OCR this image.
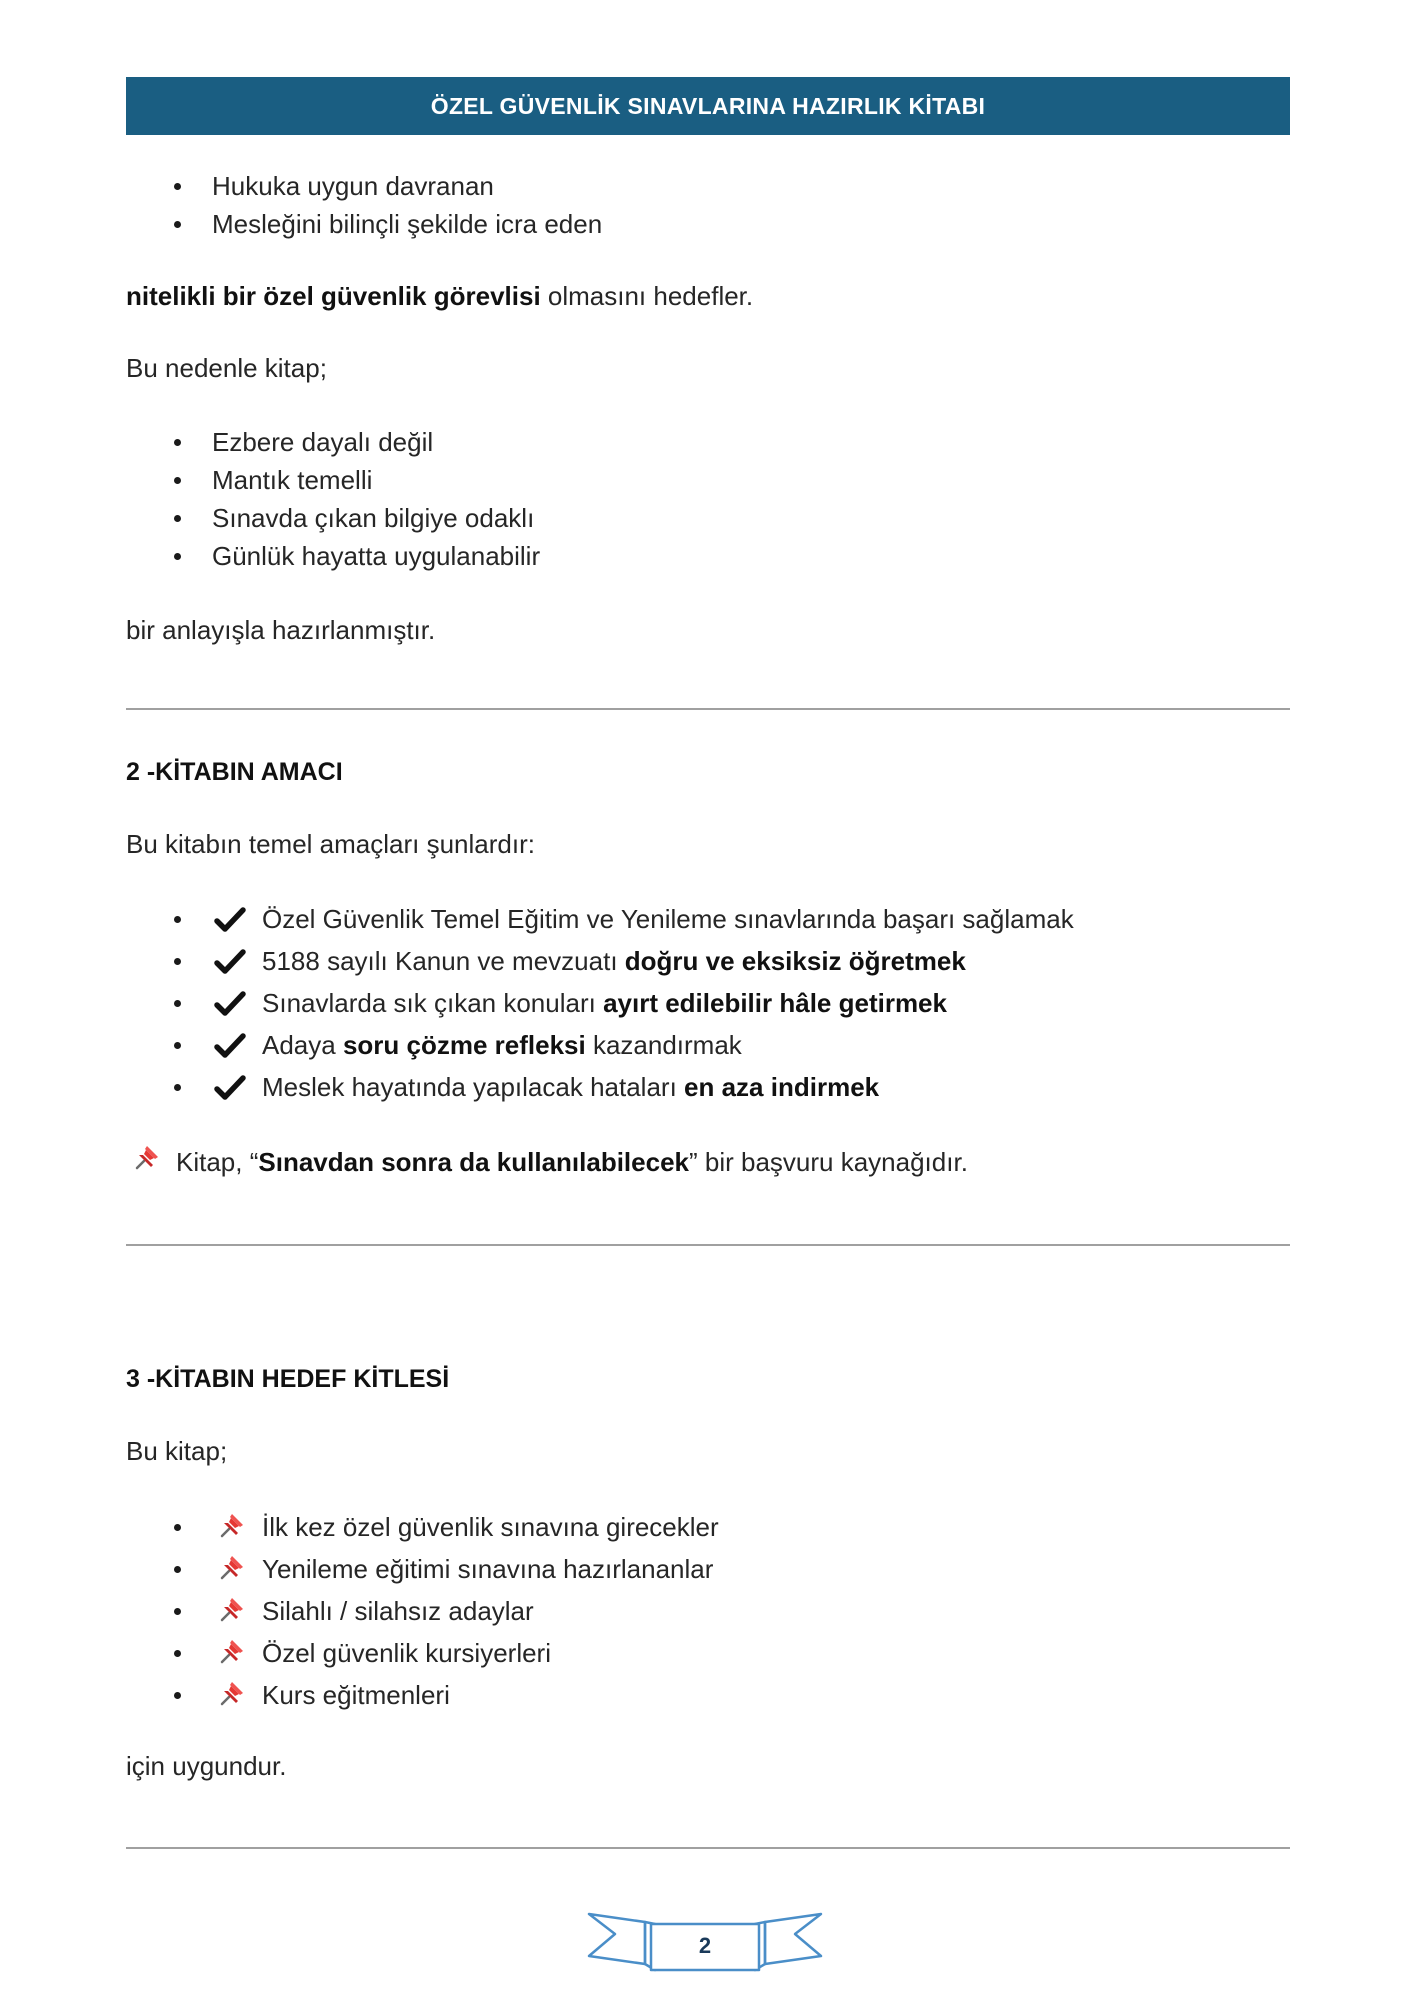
ÖZEL GÜVENLİK SINAVLARINA HAZIRLIK KİTABI
Hukuka uygun davranan
Mesleğini bilinçli şekilde icra eden

nitelikli bir özel güvenlik görevlisi olmasını hedefler.

Bu nedenle kitap;

Ezbere dayalı değil
Mantık temelli
Sınavda çıkan bilgiye odaklı
Günlük hayatta uygulanabilir

bir anlayışla hazırlanmıştır.

2 -KİTABIN AMACI

Bu kitabın temel amaçları şunlardır:

Özel Güvenlik Temel Eğitim ve Yenileme sınavlarında başarı sağlamak
5188 sayılı Kanun ve mevzuatı doğru ve eksiksiz öğretmek
Sınavlarda sık çıkan konuları ayırt edilebilir hâle getirmek
Adaya soru çözme refleksi kazandırmak
Meslek hayatında yapılacak hataları en aza indirmek

Kitap, “Sınavdan sonra da kullanılabilecek” bir başvuru kaynağıdır.

3 -KİTABIN HEDEF KİTLESİ

Bu kitap;

İlk kez özel güvenlik sınavına girecekler
Yenileme eğitimi sınavına hazırlananlar
Silahlı / silahsız adaylar
Özel güvenlik kursiyerleri
Kurs eğitmenleri

için uygundur.

2
